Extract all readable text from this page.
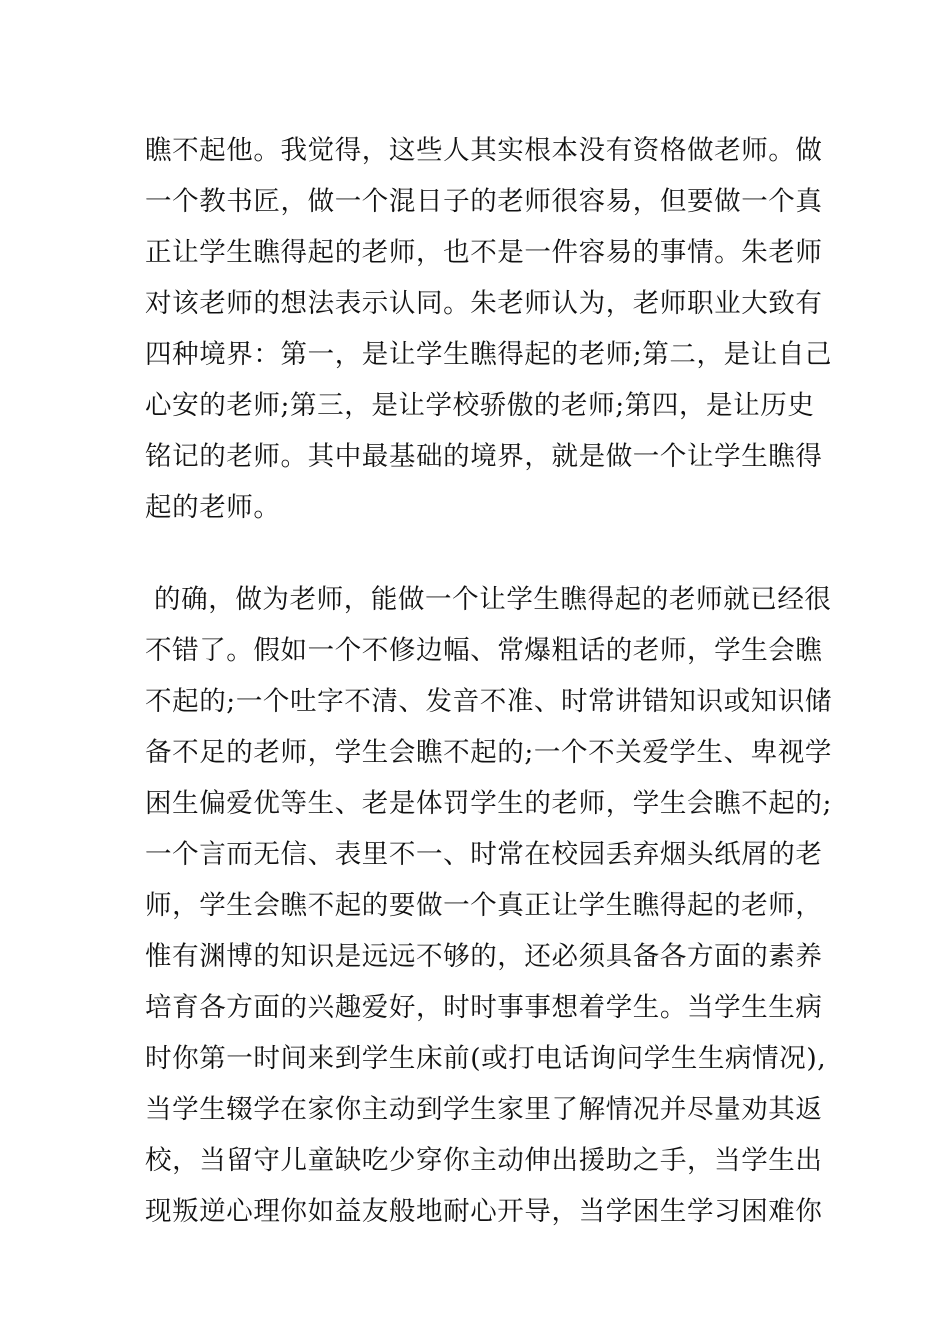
瞧不起他。我觉得，这些人其实根本没有资格做老师。做
一个教书匠，做一个混日子的老师很容易，但要做一个真
正让学生瞧得起的老师，也不是一件容易的事情。朱老师
对该老师的想法表示认同。朱老师认为，老师职业大致有
四种境界：第一，是让学生瞧得起的老师;第二，是让自己
心安的老师;第三，是让学校骄傲的老师;第四，是让历史
铭记的老师。其中最基础的境界，就是做一个让学生瞧得
起的老师。
的确，做为老师，能做一个让学生瞧得起的老师就已经很
不错了。假如一个不修边幅、常爆粗话的老师，学生会瞧
不起的;一个吐字不清、发音不准、时常讲错知识或知识储
备不足的老师，学生会瞧不起的;一个不关爱学生、卑视学
困生偏爱优等生、老是体罚学生的老师，学生会瞧不起的;
一个言而无信、表里不一、时常在校园丢弃烟头纸屑的老
师，学生会瞧不起的要做一个真正让学生瞧得起的老师，
惟有渊博的知识是远远不够的，还必须具备各方面的素养
培育各方面的兴趣爱好，时时事事想着学生。当学生生病
时你第一时间来到学生床前(或打电话询问学生生病情况),
当学生辍学在家你主动到学生家里了解情况并尽量劝其返
校，当留守儿童缺吃少穿你主动伸出援助之手，当学生出
现叛逆心理你如益友般地耐心开导，当学困生学习困难你
